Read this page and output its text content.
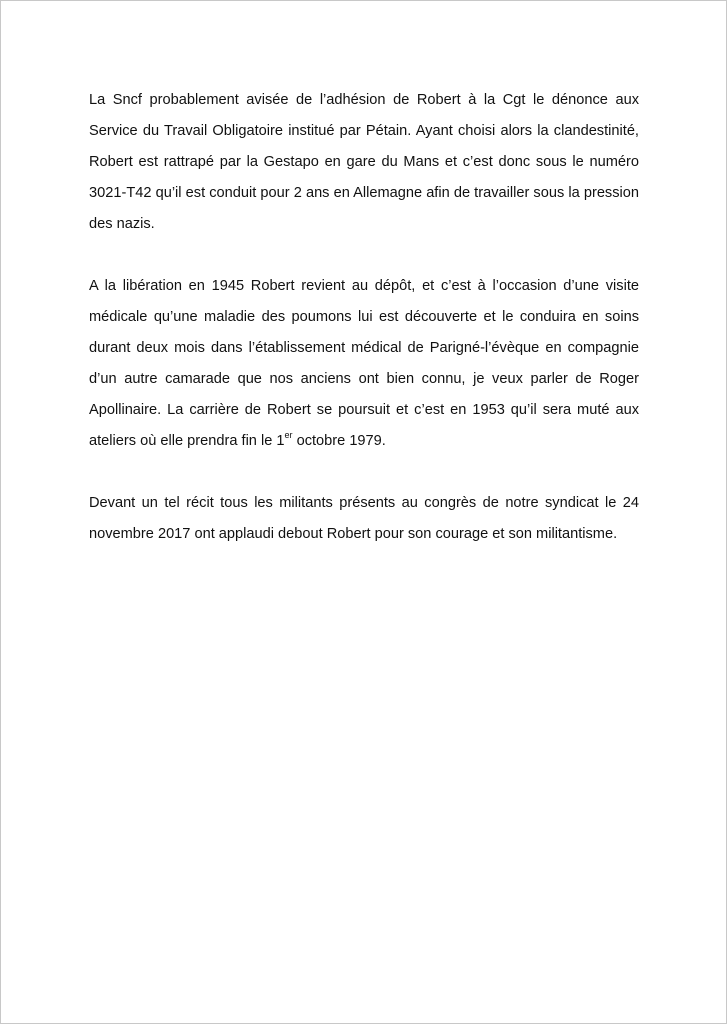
La Sncf probablement avisée de l’adhésion de Robert à la Cgt le dénonce aux Service du Travail Obligatoire institué par Pétain. Ayant choisi alors la clandestinité, Robert est rattrapé par la Gestapo en gare du Mans et c’est donc sous le numéro 3021-T42 qu’il est conduit pour 2 ans en Allemagne afin de travailler sous la pression des nazis.

A la libération en 1945 Robert revient au dépôt, et c’est à l’occasion d’une visite médicale qu’une maladie des poumons lui est découverte et le conduira en soins durant deux mois dans l’établissement médical de Parigné-l’évèque en compagnie d’un autre camarade que nos anciens ont bien connu, je veux parler de Roger Apollinaire. La carrière de Robert se poursuit et c’est en 1953 qu’il sera muté aux ateliers où elle prendra fin le 1er octobre 1979.

Devant un tel récit tous les militants présents au congrès de notre syndicat le 24 novembre 2017 ont applaudi debout Robert pour son courage et son militantisme.
